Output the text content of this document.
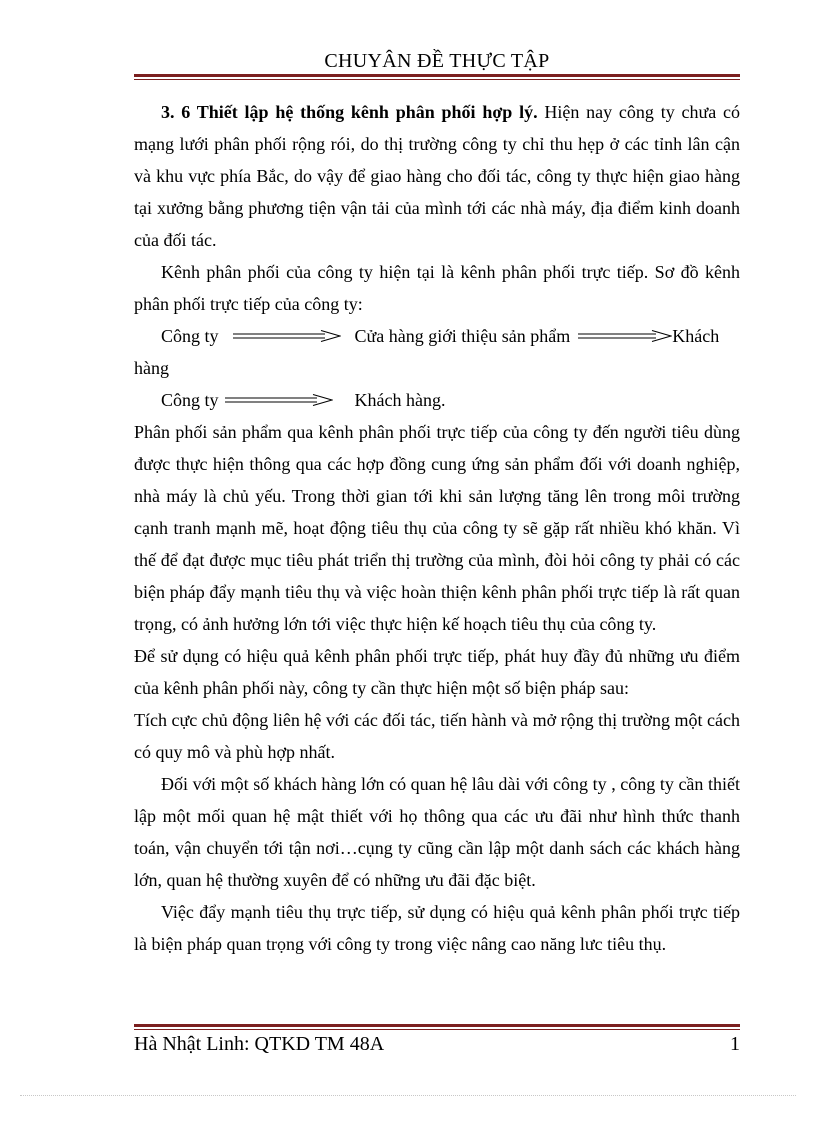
CHUYÂN ĐỀ THỰC TẬP

3. 6 Thiết lập hệ thống kênh phân phối hợp lý. Hiện nay công ty chưa có mạng lưới phân phối rộng rói, do thị trường công ty chỉ thu hẹp ở các tỉnh lân cận và khu vực phía Bắc, do vậy để giao hàng cho đối tác, công ty thực hiện giao hàng tại xưởng bằng phương tiện vận tải của mình tới các nhà máy, địa điểm kinh doanh của đối tác.

Kênh phân phối của công ty hiện tại là kênh phân phối trực tiếp. Sơ đồ kênh phân phối trực tiếp của công ty:

Công ty	Cửa hàng giới thiệu sản phẩm	Khách

hàng

Công ty	Khách hàng.

Phân phối sản phẩm qua kênh phân phối trực tiếp của công ty đến người tiêu dùng được thực hiện thông qua các hợp đồng cung ứng sản phẩm đối với doanh nghiệp, nhà máy là chủ yếu. Trong thời gian tới khi sản lượng tăng lên trong môi trường cạnh tranh mạnh mẽ, hoạt động tiêu thụ của công ty sẽ gặp rất nhiều khó khăn. Vì thế để đạt được mục tiêu phát triển thị trường của mình, đòi hỏi công ty phải có các biện pháp đẩy mạnh tiêu thụ và việc hoàn thiện kênh phân phối trực tiếp là rất quan trọng, có ảnh hưởng lớn tới việc thực hiện kế hoạch tiêu thụ của công ty.

Để sử dụng có hiệu quả kênh phân phối trực tiếp, phát huy đầy đủ những ưu điểm của kênh phân phối này, công ty cần thực hiện một số biện pháp sau:

Tích cực chủ động liên hệ với các đối tác, tiến hành và mở rộng thị trường một cách có quy mô và phù hợp nhất.

Đối với một số khách hàng lớn có quan hệ lâu dài với công ty , công ty cần thiết lập một mối quan hệ mật thiết với họ thông qua các ưu đãi như hình thức thanh toán, vận chuyển tới tận nơi…cụng ty cũng cần lập một danh sách các khách hàng lớn, quan hệ thường xuyên để có những ưu đãi đặc biệt.

Việc đẩy mạnh tiêu thụ trực tiếp, sử dụng có hiệu quả kênh phân phối trực tiếp là biện pháp quan trọng với công ty trong việc nâng cao năng lưc tiêu thụ.

Hà Nhật Linh: QTKD TM 48A	1
